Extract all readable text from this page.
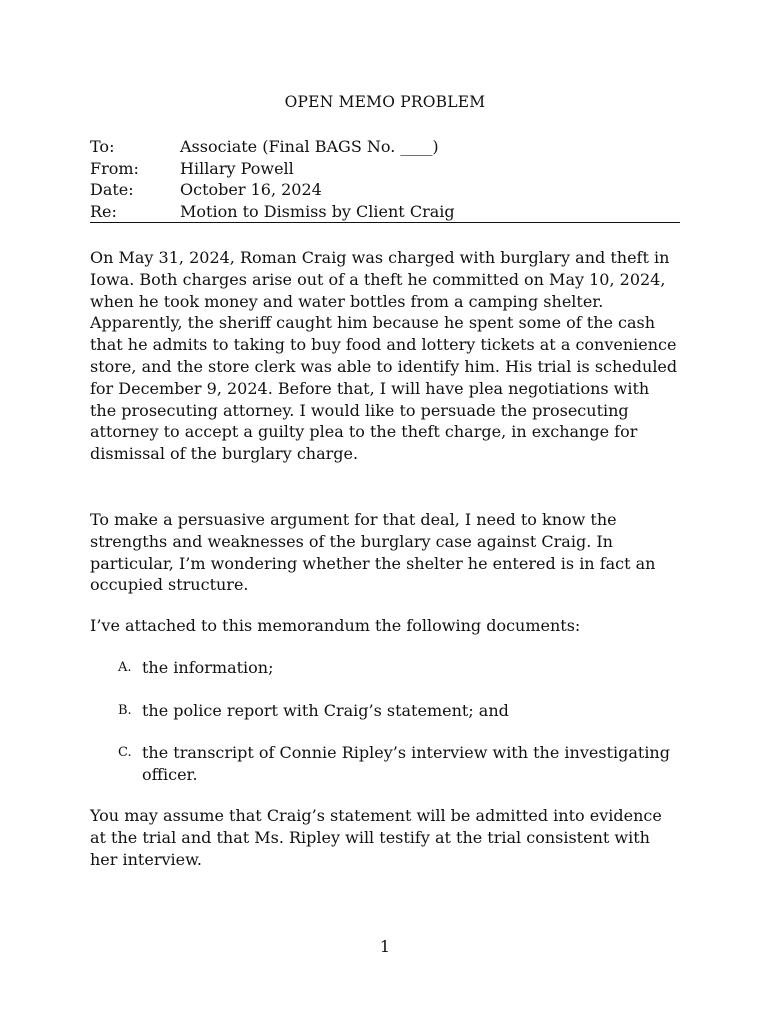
OPEN MEMO PROBLEM
To:	Associate (Final BAGS No. ____)
From:	Hillary Powell
Date:	October 16, 2024
Re:	Motion to Dismiss by Client Craig

On May 31, 2024, Roman Craig was charged with burglary and theft in Iowa. Both charges arise out of a theft he committed on May 10, 2024, when he took money and water bottles from a camping shelter. Apparently, the sheriff caught him because he spent some of the cash that he admits to taking to buy food and lottery tickets at a convenience store, and the store clerk was able to identify him. His trial is scheduled for December 9, 2024. Before that, I will have plea negotiations with the prosecuting attorney. I would like to persuade the prosecuting attorney to accept a guilty plea to the theft charge, in exchange for dismissal of the burglary charge.

To make a persuasive argument for that deal, I need to know the strengths and weaknesses of the burglary case against Craig. In particular, I’m wondering whether the shelter he entered is in fact an occupied structure.

I’ve attached to this memorandum the following documents:

A. the information;
B. the police report with Craig’s statement; and
C. the transcript of Connie Ripley’s interview with the investigating officer.

You may assume that Craig’s statement will be admitted into evidence at the trial and that Ms. Ripley will testify at the trial consistent with her interview.

1
